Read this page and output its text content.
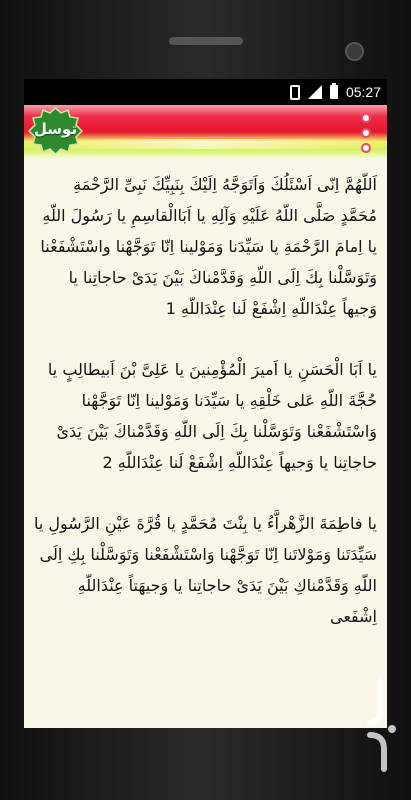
05:27
توسل

اَللّهُمَّ اِنّی اَسْئَلُكَ وَاَتَوَجَّهُ اِلَیْكَ بِنَبِیِّكَ نَبِیِّ الرَّحْمَةِ مُحَمَّدٍ صَلَّى اللّهُ عَلَیْهِ وَآلِهِ یا اَبَاالْقاسِمِ یا رَسُولَ اللّهِ یا اِمامَ الرَّحْمَةِ یا سَیِّدَنا وَمَوْلینا اِنّا تَوَجَّهْنا واسْتَشْفَعْنا وَتَوَسَّلْنا بِكَ اِلَى اللّهِ وَقَدَّمْناكَ بَیْنَ یَدَیْ حاجاتِنا یا وَجیهاً عِنْدَاللّهِ اِشْفَعْ لَنا عِنْدَاللّهِ 1

یا اَبَا الْحَسَنِ یا اَمیرَ الْمُؤْمِنینَ یا عَلِیَّ بْنَ اَبیطالِبٍ یا حُجَّةَ اللّهِ عَلى خَلْقِهِ یا سَیِّدَنا وَمَوْلینا اِنّا تَوَجَّهْنا وَاسْتَشْفَعْنا وَتَوَسَّلْنا بِكَ اِلَى اللّهِ وَقَدَّمْناكَ بَیْنَ یَدَیْ حاجاتِنا یا وَجیهاً عِنْدَاللّهِ اِشْفَعْ لَنا عِنْدَاللّهِ 2

یا فاطِمَةَ الزَّهْراَّءُ یا بِنْتَ مُحَمَّدٍ یا قُرَّةَ عَیْنِ الرَّسُولِ یا سَیِّدَتَنا وَمَوْلاتَنا اِنّا تَوَجَّهْنا وَاسْتَشْفَعْنا وَتَوَسَّلْنا بِكِ اِلَى اللّهِ وَقَدَّمْناكِ بَیْنَ یَدَیْ حاجاتِنا یا وَجیهَتاً عِنْدَاللّهِ اِشْفَعی
